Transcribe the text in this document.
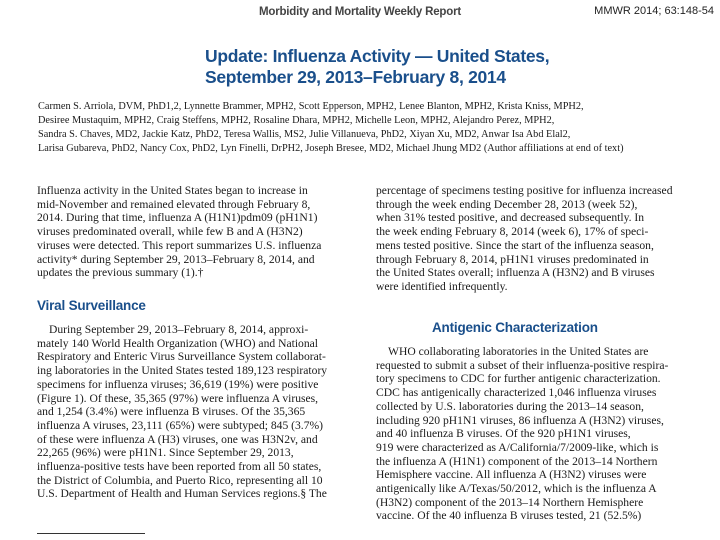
Morbidity and Mortality Weekly Report	MMWR 2014; 63:148-54
Update: Influenza Activity — United States,
September 29, 2013–February 8, 2014
Carmen S. Arriola, DVM, PhD1,2, Lynnette Brammer, MPH2, Scott Epperson, MPH2, Lenee Blanton, MPH2, Krista Kniss, MPH2,
Desiree Mustaquim, MPH2, Craig Steffens, MPH2, Rosaline Dhara, MPH2, Michelle Leon, MPH2, Alejandro Perez, MPH2,
Sandra S. Chaves, MD2, Jackie Katz, PhD2, Teresa Wallis, MS2, Julie Villanueva, PhD2, Xiyan Xu, MD2, Anwar Isa Abd Elal2,
Larisa Gubareva, PhD2, Nancy Cox, PhD2, Lyn Finelli, DrPH2, Joseph Bresee, MD2, Michael Jhung MD2 (Author affiliations at end of text)
Influenza activity in the United States began to increase in
mid-November and remained elevated through February 8,
2014. During that time, influenza A (H1N1)pdm09 (pH1N1)
viruses predominated overall, while few B and A (H3N2)
viruses were detected. This report summarizes U.S. influenza
activity* during September 29, 2013–February 8, 2014, and
updates the previous summary (1).†
Viral Surveillance
During September 29, 2013–February 8, 2014, approxi-
mately 140 World Health Organization (WHO) and National
Respiratory and Enteric Virus Surveillance System collaborat-
ing laboratories in the United States tested 189,123 respiratory
specimens for influenza viruses; 36,619 (19%) were positive
(Figure 1). Of these, 35,365 (97%) were influenza A viruses,
and 1,254 (3.4%) were influenza B viruses. Of the 35,365
influenza A viruses, 23,111 (65%) were subtyped; 845 (3.7%)
of these were influenza A (H3) viruses, one was H3N2v, and
22,265 (96%) were pH1N1. Since September 29, 2013,
influenza-positive tests have been reported from all 50 states,
the District of Columbia, and Puerto Rico, representing all 10
U.S. Department of Health and Human Services regions.§ The
percentage of specimens testing positive for influenza increased
through the week ending December 28, 2013 (week 52),
when 31% tested positive, and decreased subsequently. In
the week ending February 8, 2014 (week 6), 17% of speci-
mens tested positive. Since the start of the influenza season,
through February 8, 2014, pH1N1 viruses predominated in
the United States overall; influenza A (H3N2) and B viruses
were identified infrequently.
Antigenic Characterization
WHO collaborating laboratories in the United States are
requested to submit a subset of their influenza-positive respira-
tory specimens to CDC for further antigenic characterization.
CDC has antigenically characterized 1,046 influenza viruses
collected by U.S. laboratories during the 2013–14 season,
including 920 pH1N1 viruses, 86 influenza A (H3N2) viruses,
and 40 influenza B viruses. Of the 920 pH1N1 viruses,
919 were characterized as A/California/7/2009-like, which is
the influenza A (H1N1) component of the 2013–14 Northern
Hemisphere vaccine. All influenza A (H3N2) viruses were
antigenically like A/Texas/50/2012, which is the influenza A
(H3N2) component of the 2013–14 Northern Hemisphere
vaccine. Of the 40 influenza B viruses tested, 21 (52.5%)
